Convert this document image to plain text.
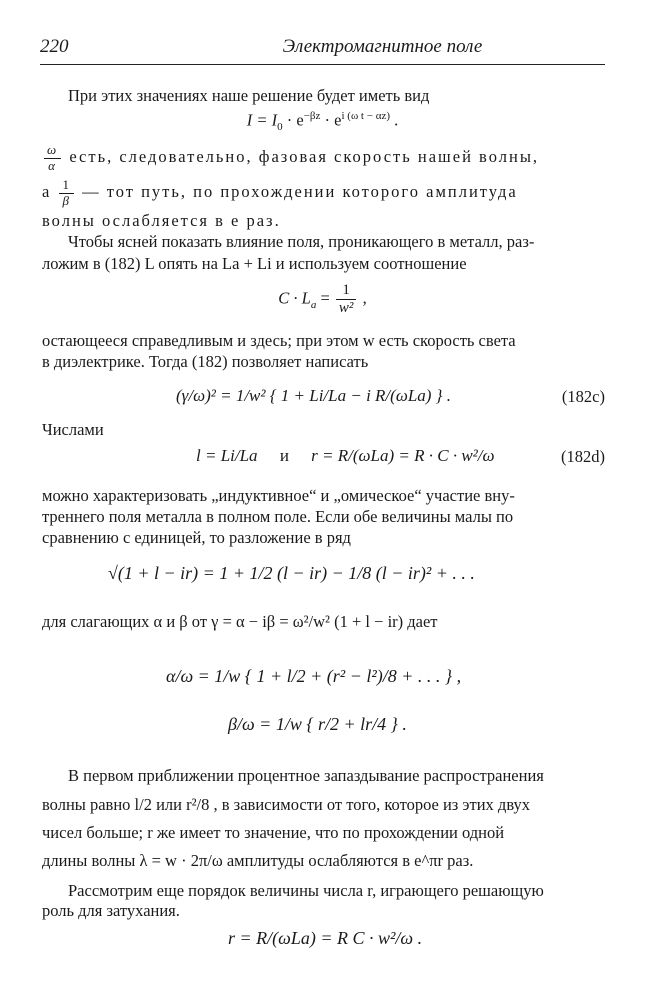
220	Электромагнитное поле
При этих значениях наше решение будет иметь вид
$I = I_0 \cdot e^{-\beta z} \cdot e^{i (\omega t - \alpha z)}$ .
$\frac{\omega}{\alpha}$ есть, следовательно, фазовая скорость нашей волны,
а $\frac{1}{\beta}$ — тот путь, по прохождении которого амплитуда
волны ослабляется в e раз.
Чтобы ясней показать влияние поля, проникающего в металл, раз-
ложим в (182) L опять на La + Li и используем соотношение
$C \cdot L_a = \frac{1}{\text{w²}}$ ,
остающееся справедливым и здесь; при этом w есть скорость света
в диэлектрике. Тогда (182) позволяет написать
(γ/ω)² = 1/w² { 1 + Li/La − i R/(ωLa) } .	(182c)
Числами
l = Li/La и r = R/(ωLa) = R · C · w²/ω	(182d)
можно характеризовать „индуктивное“ и „омическое“ участие вну-
треннего поля металла в полном поле. Если обе величины малы по
сравнению с единицей, то разложение в ряд
√(1 + l − ir) = 1 + 1/2 (l − ir) − 1/8 (l − ir)² + . . .
для слагающих α и β от γ = α − iβ = ω²/w² (1 + l − ir) дает
α/ω = 1/w { 1 + l/2 + (r² − l²)/8 + . . . } ,
β/ω = 1/w { r/2 + lr/4 } .
В первом приближении процентное запаздывание распространения
волны равно l/2 или r²/8 , в зависимости от того, которое из этих двух
чисел больше; r же имеет то значение, что по прохождении одной
длины волны λ = w · 2π/ω амплитуды ослабляются в e^πr раз.
Рассмотрим еще порядок величины числа r, играющего решающую
роль для затухания.
r = R/(ωLa) = R C · w²/ω .
